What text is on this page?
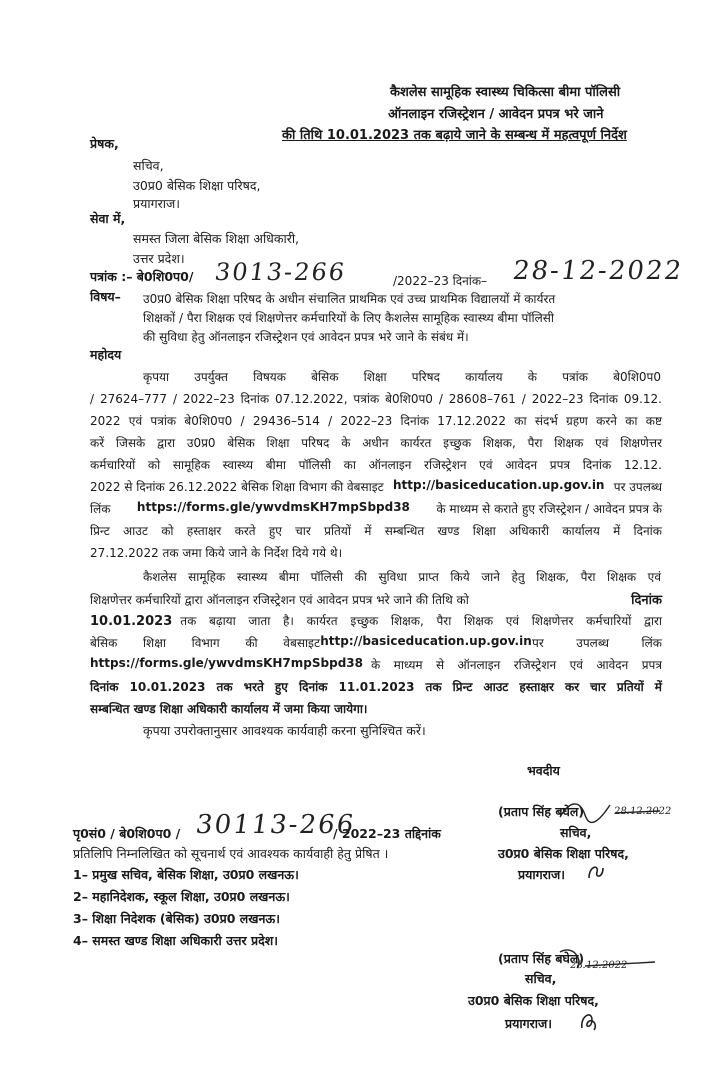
कैशलेस सामूहिक स्वास्थ्य चिकित्सा बीमा पॉलिसी
ऑनलाइन रजिस्ट्रेशन / आवेदन प्रपत्र भरे जाने
की तिथि 10.01.2023 तक बढ़ाये जाने के सम्बन्ध में महत्वपूर्ण निर्देश
प्रेषक,
सचिव,
उ0प्र0 बेसिक शिक्षा परिषद,
प्रयागराज।
सेवा में,
समस्त जिला बेसिक शिक्षा अधिकारी,
उत्तर प्रदेश।
पत्रांक :– बे0शि0प0/ 3013-266	/2022–23 दिनांक– 28-12-2022
विषय– उ0प्र0 बेसिक शिक्षा परिषद के अधीन संचालित प्राथमिक एवं उच्च प्राथमिक विद्यालयों में कार्यरत
शिक्षकों / पैरा शिक्षक एवं शिक्षणेत्तर कर्मचारियों के लिए कैशलेस सामूहिक स्वास्थ्य बीमा पॉलिसी
की सुविधा हेतु ऑनलाइन रजिस्ट्रेशन एवं आवेदन प्रपत्र भरे जाने के संबंध में।
महोदय
कृपया उपर्युक्त विषयक बेसिक शिक्षा परिषद कार्यालय के पत्रांक बे0शि0प0
/ 27624–777 / 2022–23 दिनांक 07.12.2022, पत्रांक बे0शि0प0 / 28608–761 / 2022–23 दिनांक 09.12.
2022 एवं पत्रांक बे0शि0प0 / 29436–514 / 2022–23 दिनांक 17.12.2022 का संदर्भ ग्रहण करने का कष्ट
करें जिसके द्वारा उ0प्र0 बेसिक शिक्षा परिषद के अधीन कार्यरत इच्छुक शिक्षक, पैरा शिक्षक एवं शिक्षणेत्तर
कर्मचारियों को सामूहिक स्वास्थ्य बीमा पॉलिसी का ऑनलाइन रजिस्ट्रेशन एवं आवेदन प्रपत्र दिनांक 12.12.
2022 से दिनांक 26.12.2022 बेसिक शिक्षा विभाग की वेबसाइट http://basiceducation.up.gov.in पर उपलब्ध
लिंक https://forms.gle/ywvdmsKH7mpSbpd38 के माध्यम से कराते हुए रजिस्ट्रेशन / आवेदन प्रपत्र के
प्रिन्ट आउट को हस्ताक्षर करते हुए चार प्रतियों में सम्बन्धित खण्ड शिक्षा अधिकारी कार्यालय में दिनांक
27.12.2022 तक जमा किये जाने के निर्देश दिये गये थे।
कैशलेस सामूहिक स्वास्थ्य बीमा पॉलिसी की सुविधा प्राप्त किये जाने हेतु शिक्षक, पैरा शिक्षक एवं
शिक्षणेत्तर कर्मचारियों द्वारा ऑनलाइन रजिस्ट्रेशन एवं आवेदन प्रपत्र भरे जाने की तिथि को	दिनांक
10.01.2023 तक बढ़ाया जाता है। कार्यरत इच्छुक शिक्षक, पैरा शिक्षक एवं शिक्षणेत्तर कर्मचारियों द्वारा
बेसिक शिक्षा विभाग की वेबसाइट http://basiceducation.up.gov.in पर उपलब्ध लिंक
https://forms.gle/ywvdmsKH7mpSbpd38 के माध्यम से ऑनलाइन रजिस्ट्रेशन एवं आवेदन प्रपत्र
दिनांक 10.01.2023 तक भरते हुए दिनांक 11.01.2023 तक प्रिन्ट आउट हस्ताक्षर कर चार प्रतियों में
सम्बन्धित खण्ड शिक्षा अधिकारी कार्यालय में जमा किया जायेगा।
कृपया उपरोक्तानुसार आवश्यक कार्यवाही करना सुनिश्चित करें।
भवदीय
(प्रताप सिंह बघेल)	28.12.2022
सचिव,
उ0प्र0 बेसिक शिक्षा परिषद,
प्रयागराज।
पृ0सं0 / बे0शि0प0 / 30113-266
/ 2022–23 तद्दिनांक
प्रतिलिपि निम्नलिखित को सूचनार्थ एवं आवश्यक कार्यवाही हेतु प्रेषित ।
1– प्रमुख सचिव, बेसिक शिक्षा, उ0प्र0 लखनऊ।
2– महानिदेशक, स्कूल शिक्षा, उ0प्र0 लखनऊ।
3– शिक्षा निदेशक (बेसिक) उ0प्र0 लखनऊ।
4– समस्त खण्ड शिक्षा अधिकारी उत्तर प्रदेश।
(प्रताप सिंह बघेल)
28.12.2022
सचिव,
उ0प्र0 बेसिक शिक्षा परिषद,
प्रयागराज।
